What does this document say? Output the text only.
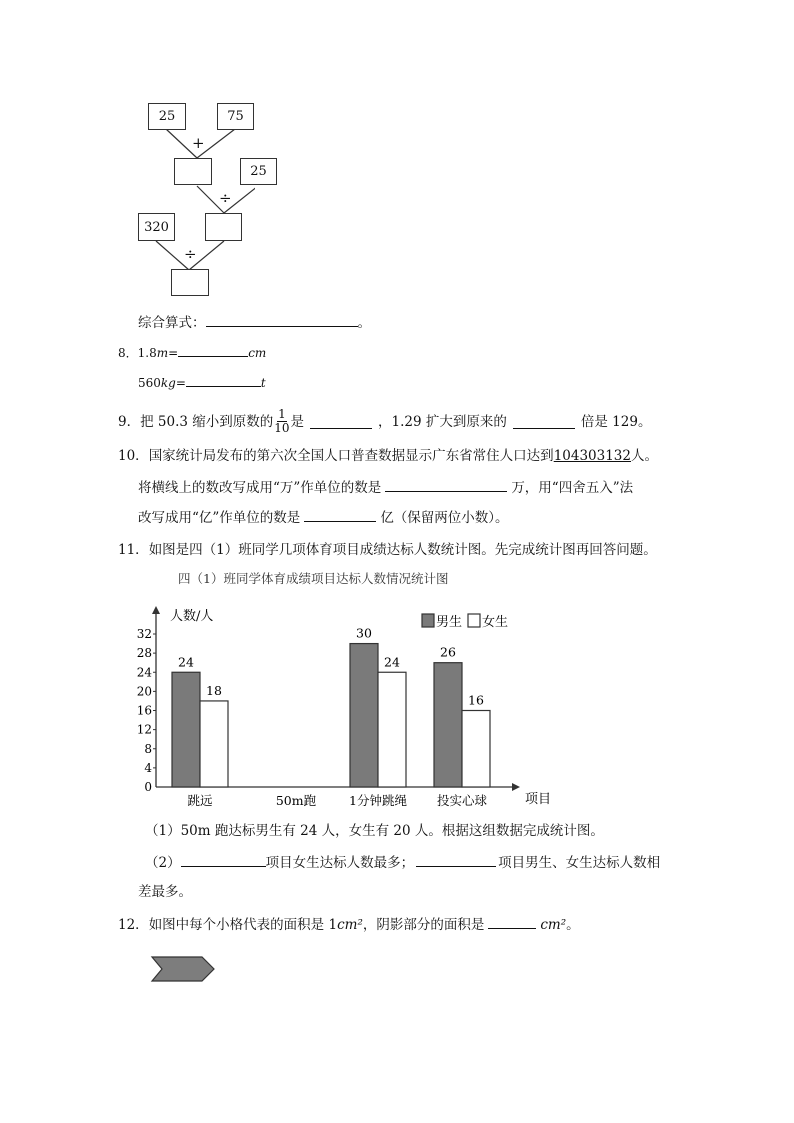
25	75
+
25
÷
320
÷
综合算式：	。
8．1.8m=	cm
560kg=	t
9． 把 50.3 缩小到原数的 $\frac{1}{10}$ 是	，1.29 扩大到原来的	倍是 129。
10．国家统计局发布的第六次全国人口普查数据显示广东省常住人口达到104303132人。
将横线上的数改写成用“万”作单位的数是	万，用“四舍五入”法
改写成用“亿”作单位的数是	亿（保留两位小数）。
11．如图是四（1）班同学几项体育项目成绩达标人数统计图。先完成统计图再回答问题。
四（1）班同学体育成绩项目达标人数情况统计图
人数/人
项目
0
4
8
12
16
20
24
28
32
跳远
24
18
50m跑	1分钟跳绳
30
24
投实心球
26
16
男生 女生
（1）50m 跑达标男生有 24 人，女生有 20 人。根据这组数据完成统计图。
（2）	项目女生达标人数最多；	项目男生、女生达标人数相
差最多。
12．如图中每个小格代表的面积是 1cm²，阴影部分的面积是	cm²。
